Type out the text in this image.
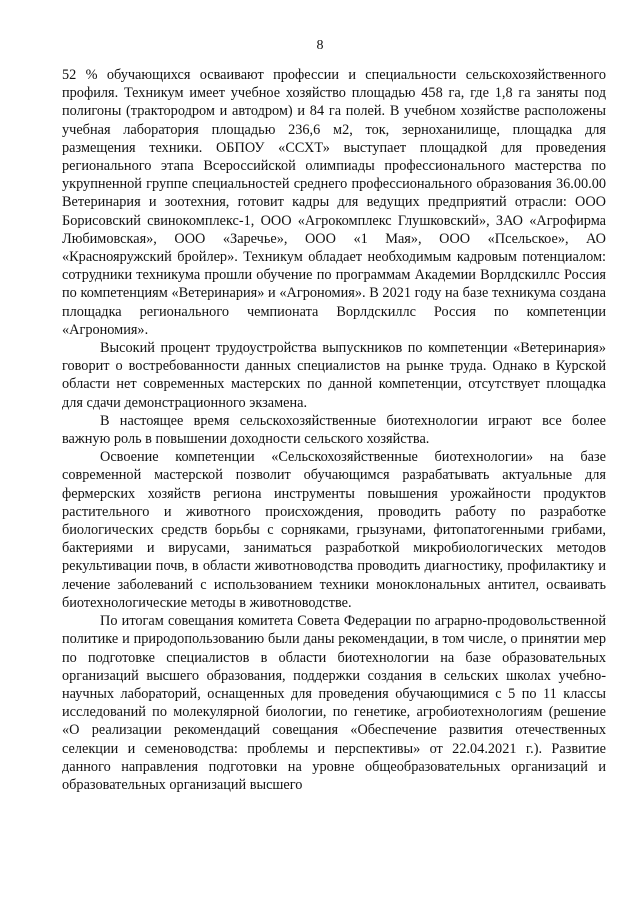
8

52 % обучающихся осваивают профессии и специальности сельскохозяйственного профиля. Техникум имеет учебное хозяйство площадью 458 га, где 1,8 га заняты под полигоны (трактородром и автодром) и 84 га полей. В учебном хозяйстве расположены учебная лаборатория площадью 236,6 м2, ток, зерноханилище, площадка для размещения техники. ОБПОУ «ССХТ» выступает площадкой для проведения регионального этапа Всероссийской олимпиады профессионального мастерства по укрупненной группе специальностей среднего профессионального образования 36.00.00 Ветеринария и зоотехния, готовит кадры для ведущих предприятий отрасли: ООО Борисовский свинокомплекс-1, ООО «Агрокомплекс Глушковский», ЗАО «Агрофирма Любимовская», ООО «Заречье», ООО «1 Мая», ООО «Псельское», АО «Краснояружский бройлер». Техникум обладает необходимым кадровым потенциалом: сотрудники техникума прошли обучение по программам Академии Ворлдскиллс Россия по компетенциям «Ветеринария» и «Агрономия». В 2021 году на базе техникума создана площадка регионального чемпионата Ворлдскиллс Россия по компетенции «Агрономия».

Высокий процент трудоустройства выпускников по компетенции «Ветеринария» говорит о востребованности данных специалистов на рынке труда. Однако в Курской области нет современных мастерских по данной компетенции, отсутствует площадка для сдачи демонстрационного экзамена.

В настоящее время сельскохозяйственные биотехнологии играют все более важную роль в повышении доходности сельского хозяйства.

Освоение компетенции «Сельскохозяйственные биотехнологии» на базе современной мастерской позволит обучающимся разрабатывать актуальные для фермерских хозяйств региона инструменты повышения урожайности продуктов растительного и животного происхождения, проводить работу по разработке биологических средств борьбы с сорняками, грызунами, фитопатогенными грибами, бактериями и вирусами, заниматься разработкой микробиологических методов рекультивации почв, в области животноводства проводить диагностику, профилактику и лечение заболеваний с использованием техники моноклональных антител, осваивать биотехнологические методы в животноводстве.

По итогам совещания комитета Совета Федерации по аграрно-продовольственной политике и природопользованию были даны рекомендации, в том числе, о принятии мер по подготовке специалистов в области биотехнологии на базе образовательных организаций высшего образования, поддержки создания в сельских школах учебно-научных лабораторий, оснащенных для проведения обучающимися с 5 по 11 классы исследований по молекулярной биологии, по генетике, агробиотехнологиям (решение «О реализации рекомендаций совещания «Обеспечение развития отечественных селекции и семеноводства: проблемы и перспективы» от 22.04.2021 г.). Развитие данного направления подготовки на уровне общеобразовательных организаций и образовательных организаций высшего
